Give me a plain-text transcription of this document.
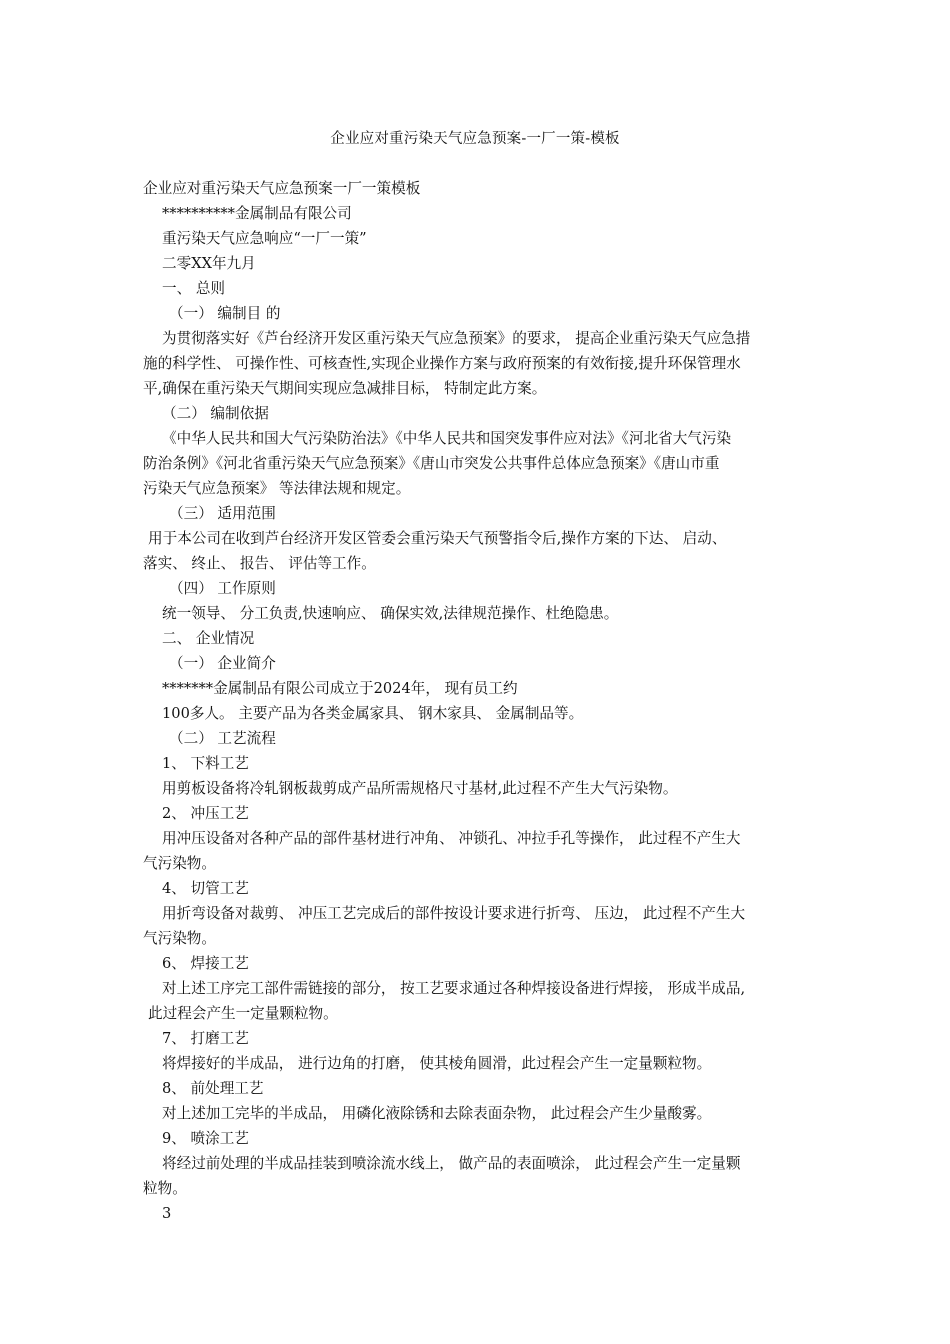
企业应对重污染天气应急预案-一厂一策-模板
企业应对重污染天气应急预案一厂一策模板
**********金属制品有限公司
重污染天气应急响应“一厂一策”
二零XX年九月
一、 总则
（一） 编制目 的
为贯彻落实好《芦台经济开发区重污染天气应急预案》的要求， 提高企业重污染天气应急措
施的科学性、 可操作性、可核查性,实现企业操作方案与政府预案的有效衔接,提升环保管理水
平,确保在重污染天气期间实现应急减排目标， 特制定此方案。
（二） 编制依据
《中华人民共和国大气污染防治法》《中华人民共和国突发事件应对法》《河北省大气污染
防治条例》《河北省重污染天气应急预案》《唐山市突发公共事件总体应急预案》《唐山市重
污染天气应急预案》 等法律法规和规定。
（三） 适用范围
用于本公司在收到芦台经济开发区管委会重污染天气预警指令后,操作方案的下达、 启动、
落实、 终止、 报告、 评估等工作。
（四） 工作原则
统一领导、 分工负责,快速响应、 确保实效,法律规范操作、杜绝隐患。
二、 企业情况
（一） 企业简介
*******金属制品有限公司成立于2024年， 现有员工约
100多人。 主要产品为各类金属家具、 钢木家具、 金属制品等。
（二） 工艺流程
1、 下料工艺
用剪板设备将冷轧钢板裁剪成产品所需规格尺寸基材,此过程不产生大气污染物。
2、 冲压工艺
用冲压设备对各种产品的部件基材进行冲角、 冲锁孔、冲拉手孔等操作， 此过程不产生大
气污染物。
4、 切管工艺
用折弯设备对裁剪、 冲压工艺完成后的部件按设计要求进行折弯、 压边， 此过程不产生大
气污染物。
6、 焊接工艺
对上述工序完工部件需链接的部分， 按工艺要求通过各种焊接设备进行焊接， 形成半成品,
此过程会产生一定量颗粒物。
7、 打磨工艺
将焊接好的半成品， 进行边角的打磨， 使其棱角圆滑，此过程会产生一定量颗粒物。
8、 前处理工艺
对上述加工完毕的半成品， 用磷化液除锈和去除表面杂物， 此过程会产生少量酸雾。
9、 喷涂工艺
将经过前处理的半成品挂装到喷涂流水线上， 做产品的表面喷涂， 此过程会产生一定量颗
粒物。
3
